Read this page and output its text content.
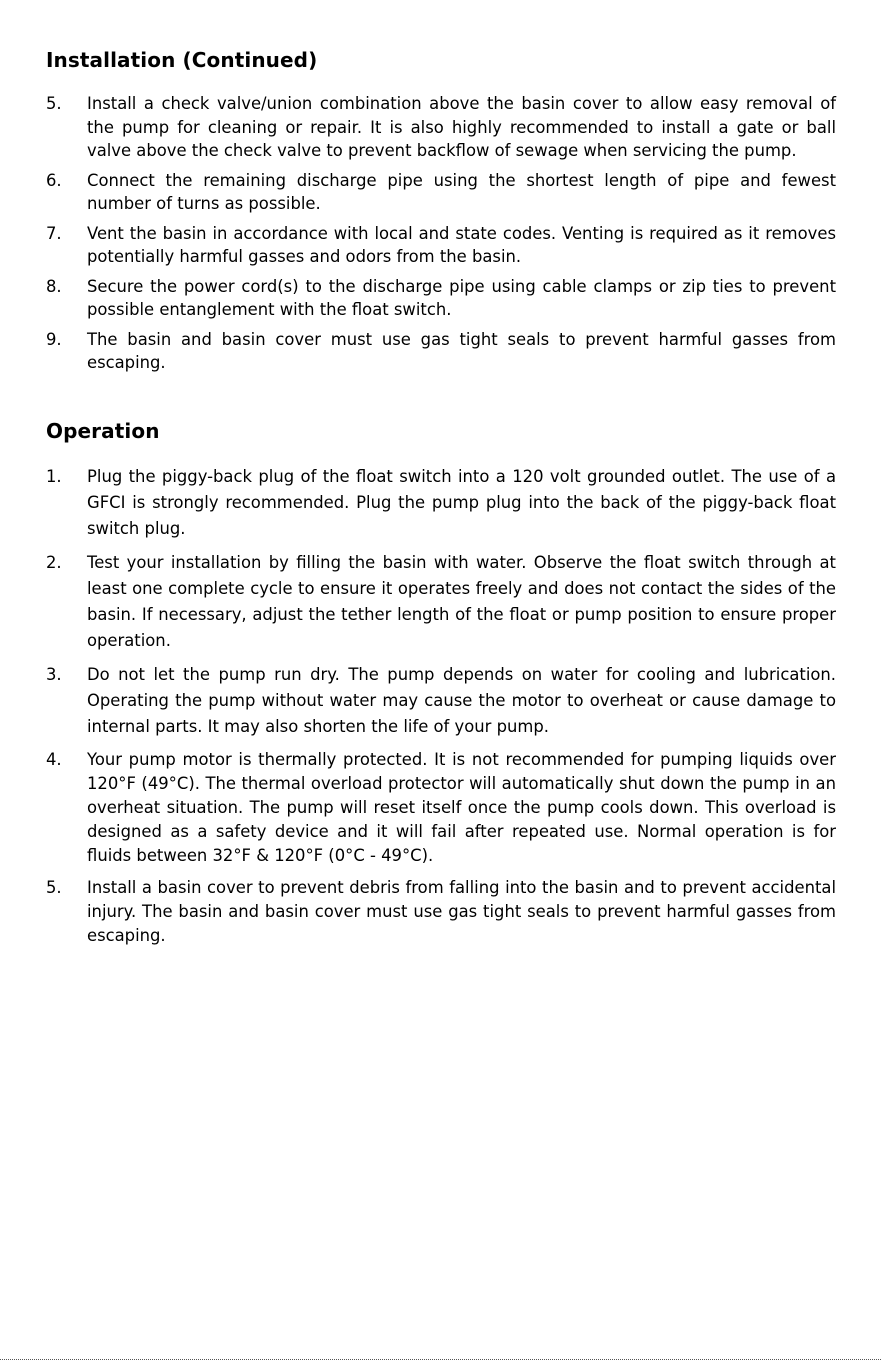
Installation (Continued)
5. Install a check valve/union combination above the basin cover to allow easy removal of the pump for cleaning or repair. It is also highly recommended to install a gate or ball valve above the check valve to prevent backflow of sewage when servicing the pump.
6. Connect the remaining discharge pipe using the shortest length of pipe and fewest number of turns as possible.
7. Vent the basin in accordance with local and state codes. Venting is required as it removes potentially harmful gasses and odors from the basin.
8. Secure the power cord(s) to the discharge pipe using cable clamps or zip ties to prevent possible entanglement with the float switch.
9. The basin and basin cover must use gas tight seals to prevent harmful gasses from escaping.
Operation
1. Plug the piggy-back plug of the float switch into a 120 volt grounded outlet. The use of a GFCI is strongly recommended. Plug the pump plug into the back of the piggy-back float switch plug.
2. Test your installation by filling the basin with water. Observe the float switch through at least one complete cycle to ensure it operates freely and does not contact the sides of the basin. If necessary, adjust the tether length of the float or pump position to ensure proper operation.
3. Do not let the pump run dry. The pump depends on water for cooling and lubrication. Operating the pump without water may cause the motor to overheat or cause damage to internal parts. It may also shorten the life of your pump.
4. Your pump motor is thermally protected. It is not recommended for pumping liquids over 120°F (49°C). The thermal overload protector will automatically shut down the pump in an overheat situation. The pump will reset itself once the pump cools down. This overload is designed as a safety device and it will fail after repeated use. Normal operation is for fluids between 32°F & 120°F (0°C - 49°C).
5. Install a basin cover to prevent debris from falling into the basin and to prevent accidental injury. The basin and basin cover must use gas tight seals to prevent harmful gasses from escaping.
